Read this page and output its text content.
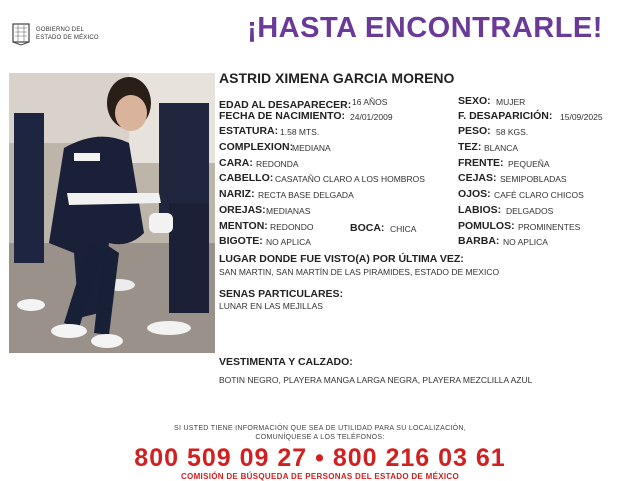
GOBIERNO DEL
ESTADO DE MÉXICO	¡HASTA ENCONTRARLE!
ASTRID XIMENA GARCIA MORENO
EDAD AL DESAPARECER: 16 AÑOS
FECHA DE NACIMIENTO: 24/01/2009
ESTATURA: 1.58 MTS.
COMPLEXION:
MEDIANA
CARA: REDONDA
CABELLO: CASATAÑO CLARO A LOS HOMBROS
NARIZ: RECTA BASE DELGADA
OREJAS: MEDIANAS
MENTON: REDONDO	BOCA: CHICA
BIGOTE: NO APLICA
SEXO: MUJER
F. DESAPARICIÓN: 15/09/2025
PESO: 58 KGS.
TEZ: BLANCA
FRENTE: PEQUEÑA
CEJAS: SEMIPOBLADAS
OJOS: CAFÉ CLARO CHICOS
LABIOS: DELGADOS
POMULOS: PROMINENTES
BARBA: NO APLICA
LUGAR DONDE FUE VISTO(A) POR ÚLTIMA VEZ:
SAN MARTIN, SAN MARTÍN DE LAS PIRAMIDES, ESTADO DE MEXICO
SENAS PARTICULARES:
LUNAR EN LAS MEJILLAS
VESTIMENTA Y CALZADO:
BOTIN NEGRO, PLAYERA MANGA LARGA NEGRA, PLAYERA MEZCLILLA AZUL
SI USTED TIENE INFORMACIÓN QUE SEA DE UTILIDAD PARA SU LOCALIZACIÓN,
COMUNÍQUESE A LOS TELÉFONOS:
800 509 09 27 • 800 216 03 61
COMISIÓN DE BÚSQUEDA DE PERSONAS DEL ESTADO DE MÉXICO
